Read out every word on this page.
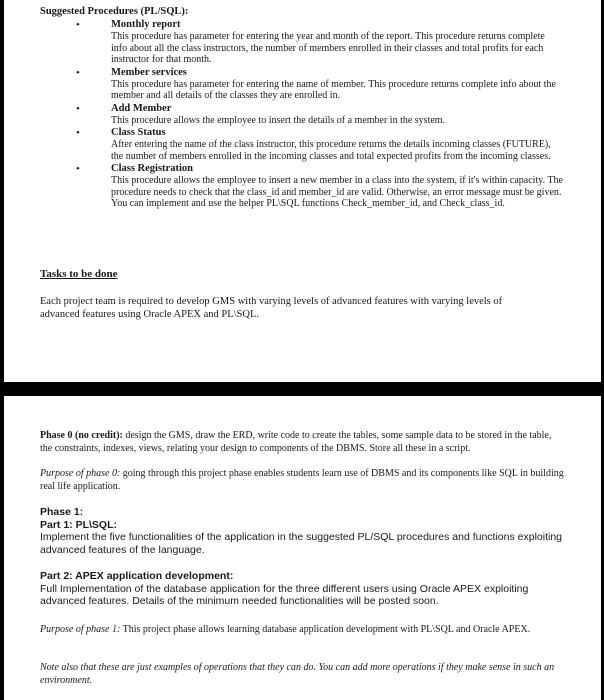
Suggested Procedures (PL/SQL):
•	Monthly report
This procedure has parameter for entering the year and month of the report. This procedure returns complete info about all the class instructors, the number of members enrolled in their classes and total profits for each instructor for that month.
•	Member services
This procedure has parameter for entering the name of member. This procedure returns complete info about the member and all details of the classes they are enrolled in.
•	Add Member
This procedure allows the employee to insert the details of a member in the system.
•	Class Status
After entering the name of the class instructor, this procedure returns the details incoming classes (FUTURE), the number of members enrolled in the incoming classes and total expected profits from the incoming classes.
•	Class Registration
This procedure allows the employee to insert a new member in a class into the system, if it's within capacity. The procedure needs to check that the class_id and member_id are valid. Otherwise, an error message must be given. You can implement and use the helper PL\SQL functions Check_member_id, and Check_class_id.
Tasks to be done
Each project team is required to develop GMS with varying levels of advanced features with varying levels of advanced features using Oracle APEX and PL\SQL.
Phase 0 (no credit): design the GMS, draw the ERD, write code to create the tables, some sample data to be stored in the table, the constraints, indexes, views, relating your design to components of the DBMS. Store all these in a script.
Purpose of phase 0: going through this project phase enables students learn use of DBMS and its components like SQL in building real life application.
Phase 1:
Part 1: PL\SQL:
Implement the five functionalities of the application in the suggested PL/SQL procedures and functions exploiting advanced features of the language.
Part 2: APEX application development:
Full Implementation of the database application for the three different users using Oracle APEX exploiting advanced features. Details of the minimum needed functionalities will be posted soon.
Purpose of phase 1: This project phase allows learning database application development with PL\SQL and Oracle APEX.
Note also that these are just examples of operations that they can do. You can add more operations if they make sense in such an environment.
